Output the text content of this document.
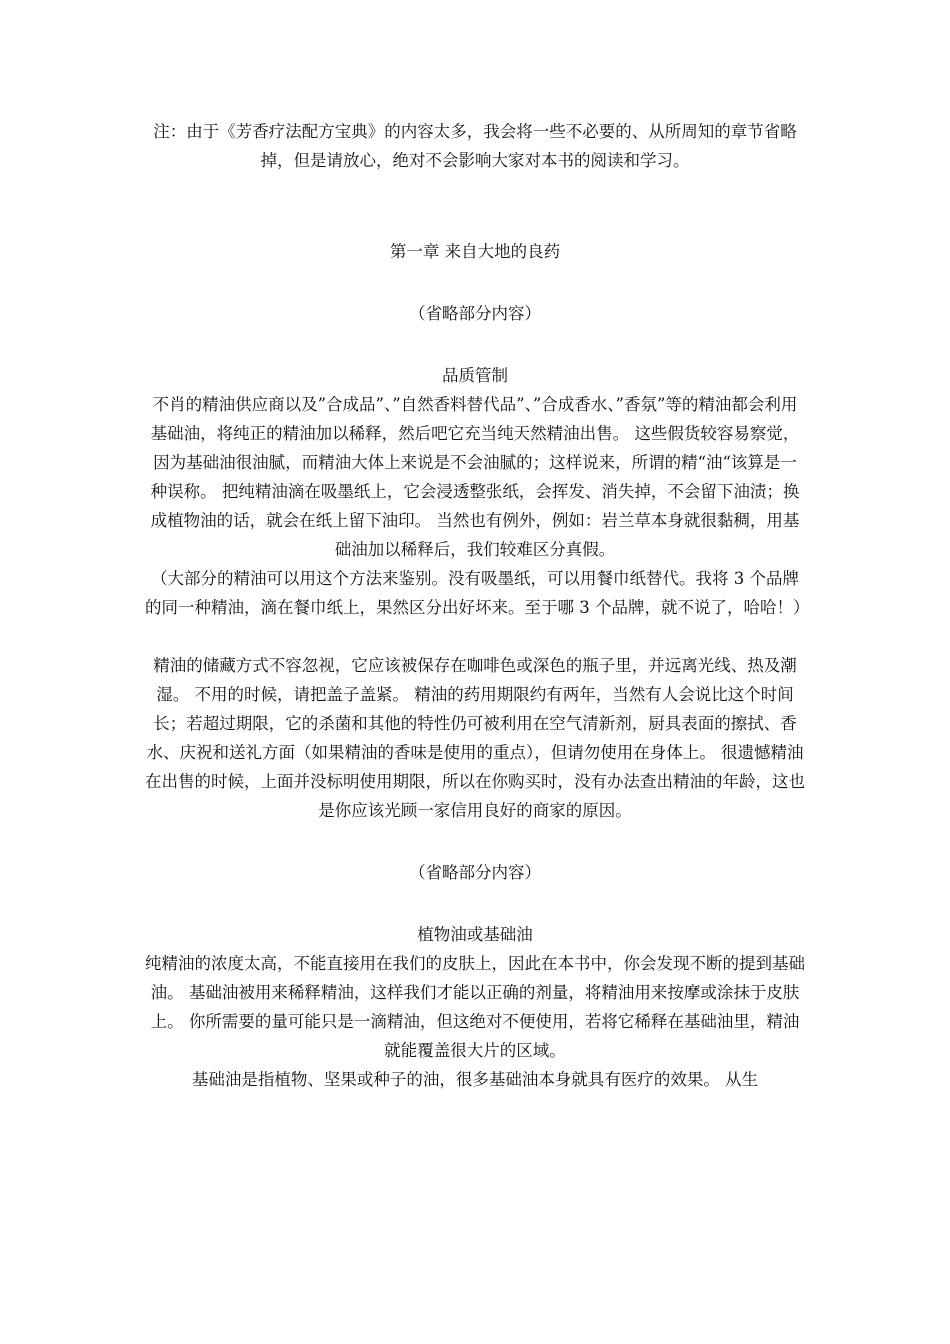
注：由于《芳香疗法配方宝典》的内容太多，我会将一些不必要的、从所周知的章节省略掉，但是请放心，绝对不会影响大家对本书的阅读和学习。

第一章 来自大地的良药

（省略部分内容）

品质管制

不肖的精油供应商以及”合成品”、”自然香料替代品”、”合成香水、”香氛”等的精油都会利用基础油，将纯正的精油加以稀释，然后吧它充当纯天然精油出售。 这些假货较容易察觉，因为基础油很油腻，而精油大体上来说是不会油腻的；这样说来，所谓的精“油“该算是一种误称。 把纯精油滴在吸墨纸上，它会浸透整张纸，会挥发、消失掉，不会留下油渍；换成植物油的话，就会在纸上留下油印。 当然也有例外，例如：岩兰草本身就很黏稠，用基础油加以稀释后，我们较难区分真假。

（大部分的精油可以用这个方法来鉴别。没有吸墨纸，可以用餐巾纸替代。我将 3 个品牌的同一种精油，滴在餐巾纸上，果然区分出好坏来。至于哪 3 个品牌，就不说了，哈哈！）

精油的储藏方式不容忽视，它应该被保存在咖啡色或深色的瓶子里，并远离光线、热及潮湿。 不用的时候，请把盖子盖紧。 精油的药用期限约有两年，当然有人会说比这个时间长；若超过期限，它的杀菌和其他的特性仍可被利用在空气清新剂，厨具表面的擦拭、香水、庆祝和送礼方面（如果精油的香味是使用的重点），但请勿使用在身体上。 很遗憾精油在出售的时候，上面并没标明使用期限，所以在你购买时，没有办法查出精油的年龄，这也是你应该光顾一家信用良好的商家的原因。

（省略部分内容）

植物油或基础油

纯精油的浓度太高，不能直接用在我们的皮肤上，因此在本书中，你会发现不断的提到基础油。 基础油被用来稀释精油，这样我们才能以正确的剂量，将精油用来按摩或涂抹于皮肤上。 你所需要的量可能只是一滴精油，但这绝对不便使用，若将它稀释在基础油里，精油就能覆盖很大片的区域。

基础油是指植物、坚果或种子的油，很多基础油本身就具有医疗的效果。 从生
